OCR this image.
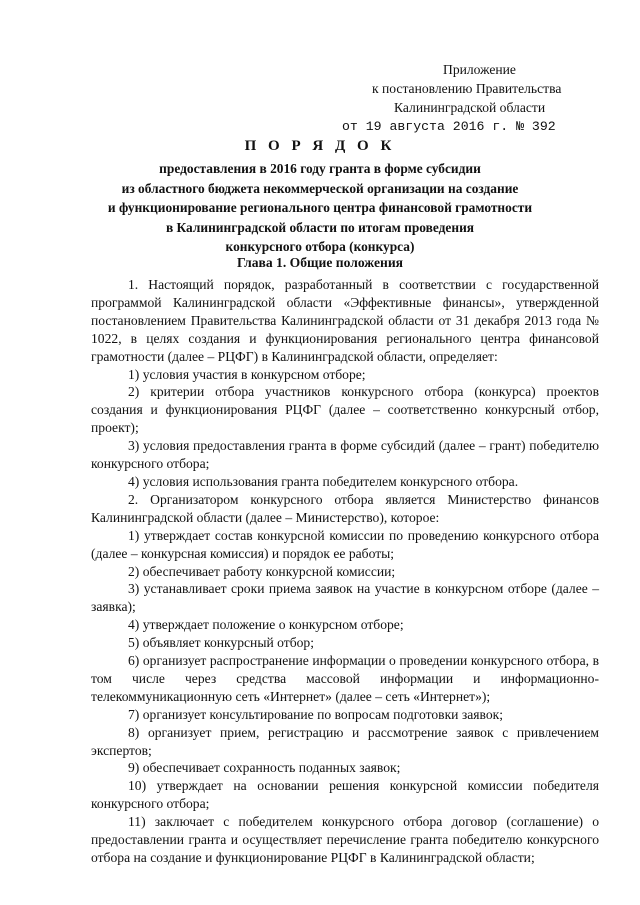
Приложение
к постановлению Правительства
Калининградской области
от 19 августа 2016 г. № 392
П О Р Я Д О К
предоставления в 2016 году гранта в форме субсидии
из областного бюджета некоммерческой организации на создание
и функционирование регионального центра финансовой грамотности
в Калининградской области по итогам проведения
конкурсного отбора (конкурса)
Глава 1. Общие положения

1. Настоящий порядок, разработанный в соответствии с государственной программой Калининградской области «Эффективные финансы», утвержденной постановлением Правительства Калининградской области от 31 декабря 2013 года № 1022, в целях создания и функционирования регионального центра финансовой грамотности (далее – РЦФГ) в Калининградской области, определяет:

1) условия участия в конкурсном отборе;

2) критерии отбора участников конкурсного отбора (конкурса) проектов создания и функционирования РЦФГ (далее – соответственно конкурсный отбор, проект);

3) условия предоставления гранта в форме субсидий (далее – грант) победителю конкурсного отбора;

4) условия использования гранта победителем конкурсного отбора.

2. Организатором конкурсного отбора является Министерство финансов Калининградской области (далее – Министерство), которое:

1) утверждает состав конкурсной комиссии по проведению конкурсного отбора (далее – конкурсная комиссия) и порядок ее работы;

2) обеспечивает работу конкурсной комиссии;

3) устанавливает сроки приема заявок на участие в конкурсном отборе (далее – заявка);

4) утверждает положение о конкурсном отборе;

5) объявляет конкурсный отбор;

6) организует распространение информации о проведении конкурсного отбора, в том числе через средства массовой информации и информационно-телекоммуникационную сеть «Интернет» (далее – сеть «Интернет»);

7) организует консультирование по вопросам подготовки заявок;

8) организует прием, регистрацию и рассмотрение заявок с привлечением экспертов;

9) обеспечивает сохранность поданных заявок;

10) утверждает на основании решения конкурсной комиссии победителя конкурсного отбора;

11) заключает с победителем конкурсного отбора договор (соглашение) о предоставлении гранта и осуществляет перечисление гранта победителю конкурсного отбора на создание и функционирование РЦФГ в Калининградской области;
